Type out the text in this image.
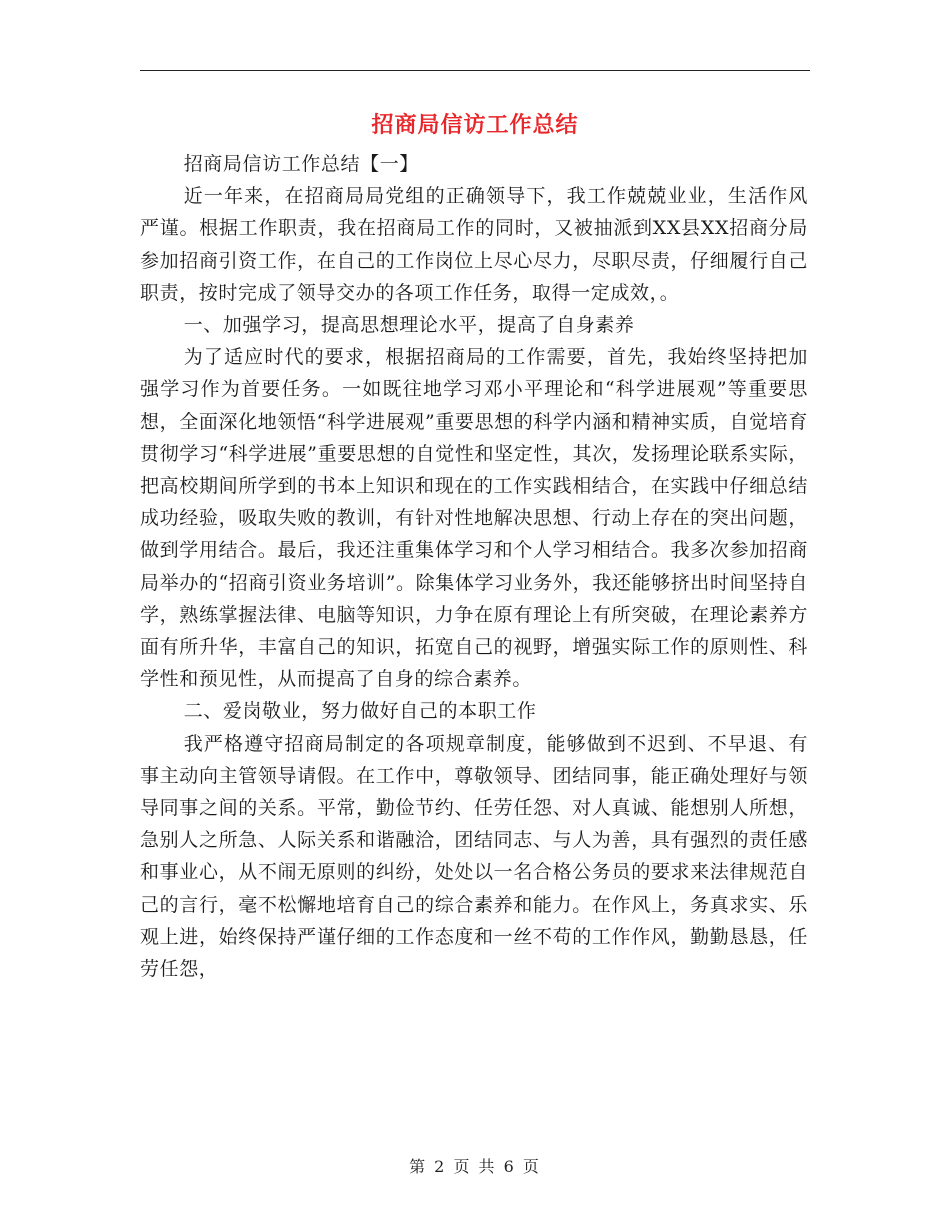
招商局信访工作总结

招商局信访工作总结【一】

近一年来，在招商局局党组的正确领导下，我工作兢兢业业，生活作风严谨。根据工作职责，我在招商局工作的同时，又被抽派到XX县XX招商分局参加招商引资工作，在自己的工作岗位上尽心尽力，尽职尽责，仔细履行自己职责，按时完成了领导交办的各项工作任务，取得一定成效，。

一、加强学习，提高思想理论水平，提高了自身素养

为了适应时代的要求，根据招商局的工作需要，首先，我始终坚持把加强学习作为首要任务。一如既往地学习邓小平理论和“科学进展观”等重要思想，全面深化地领悟“科学进展观”重要思想的科学内涵和精神实质，自觉培育贯彻学习“科学进展”重要思想的自觉性和坚定性，其次，发扬理论联系实际，把高校期间所学到的书本上知识和现在的工作实践相结合，在实践中仔细总结成功经验，吸取失败的教训，有针对性地解决思想、行动上存在的突出问题，做到学用结合。最后，我还注重集体学习和个人学习相结合。我多次参加招商局举办的“招商引资业务培训”。除集体学习业务外，我还能够挤出时间坚持自学，熟练掌握法律、电脑等知识，力争在原有理论上有所突破，在理论素养方面有所升华，丰富自己的知识，拓宽自己的视野，增强实际工作的原则性、科学性和预见性，从而提高了自身的综合素养。

二、爱岗敬业，努力做好自己的本职工作

我严格遵守招商局制定的各项规章制度，能够做到不迟到、不早退、有事主动向主管领导请假。在工作中，尊敬领导、团结同事，能正确处理好与领导同事之间的关系。平常，勤俭节约、任劳任怨、对人真诚、能想别人所想，急别人之所急、人际关系和谐融洽，团结同志、与人为善，具有强烈的责任感和事业心，从不闹无原则的纠纷，处处以一名合格公务员的要求来法律规范自己的言行，毫不松懈地培育自己的综合素养和能力。在作风上，务真求实、乐观上进，始终保持严谨仔细的工作态度和一丝不苟的工作作风，勤勤恳恳，任劳任怨，

第 2 页 共 6 页
